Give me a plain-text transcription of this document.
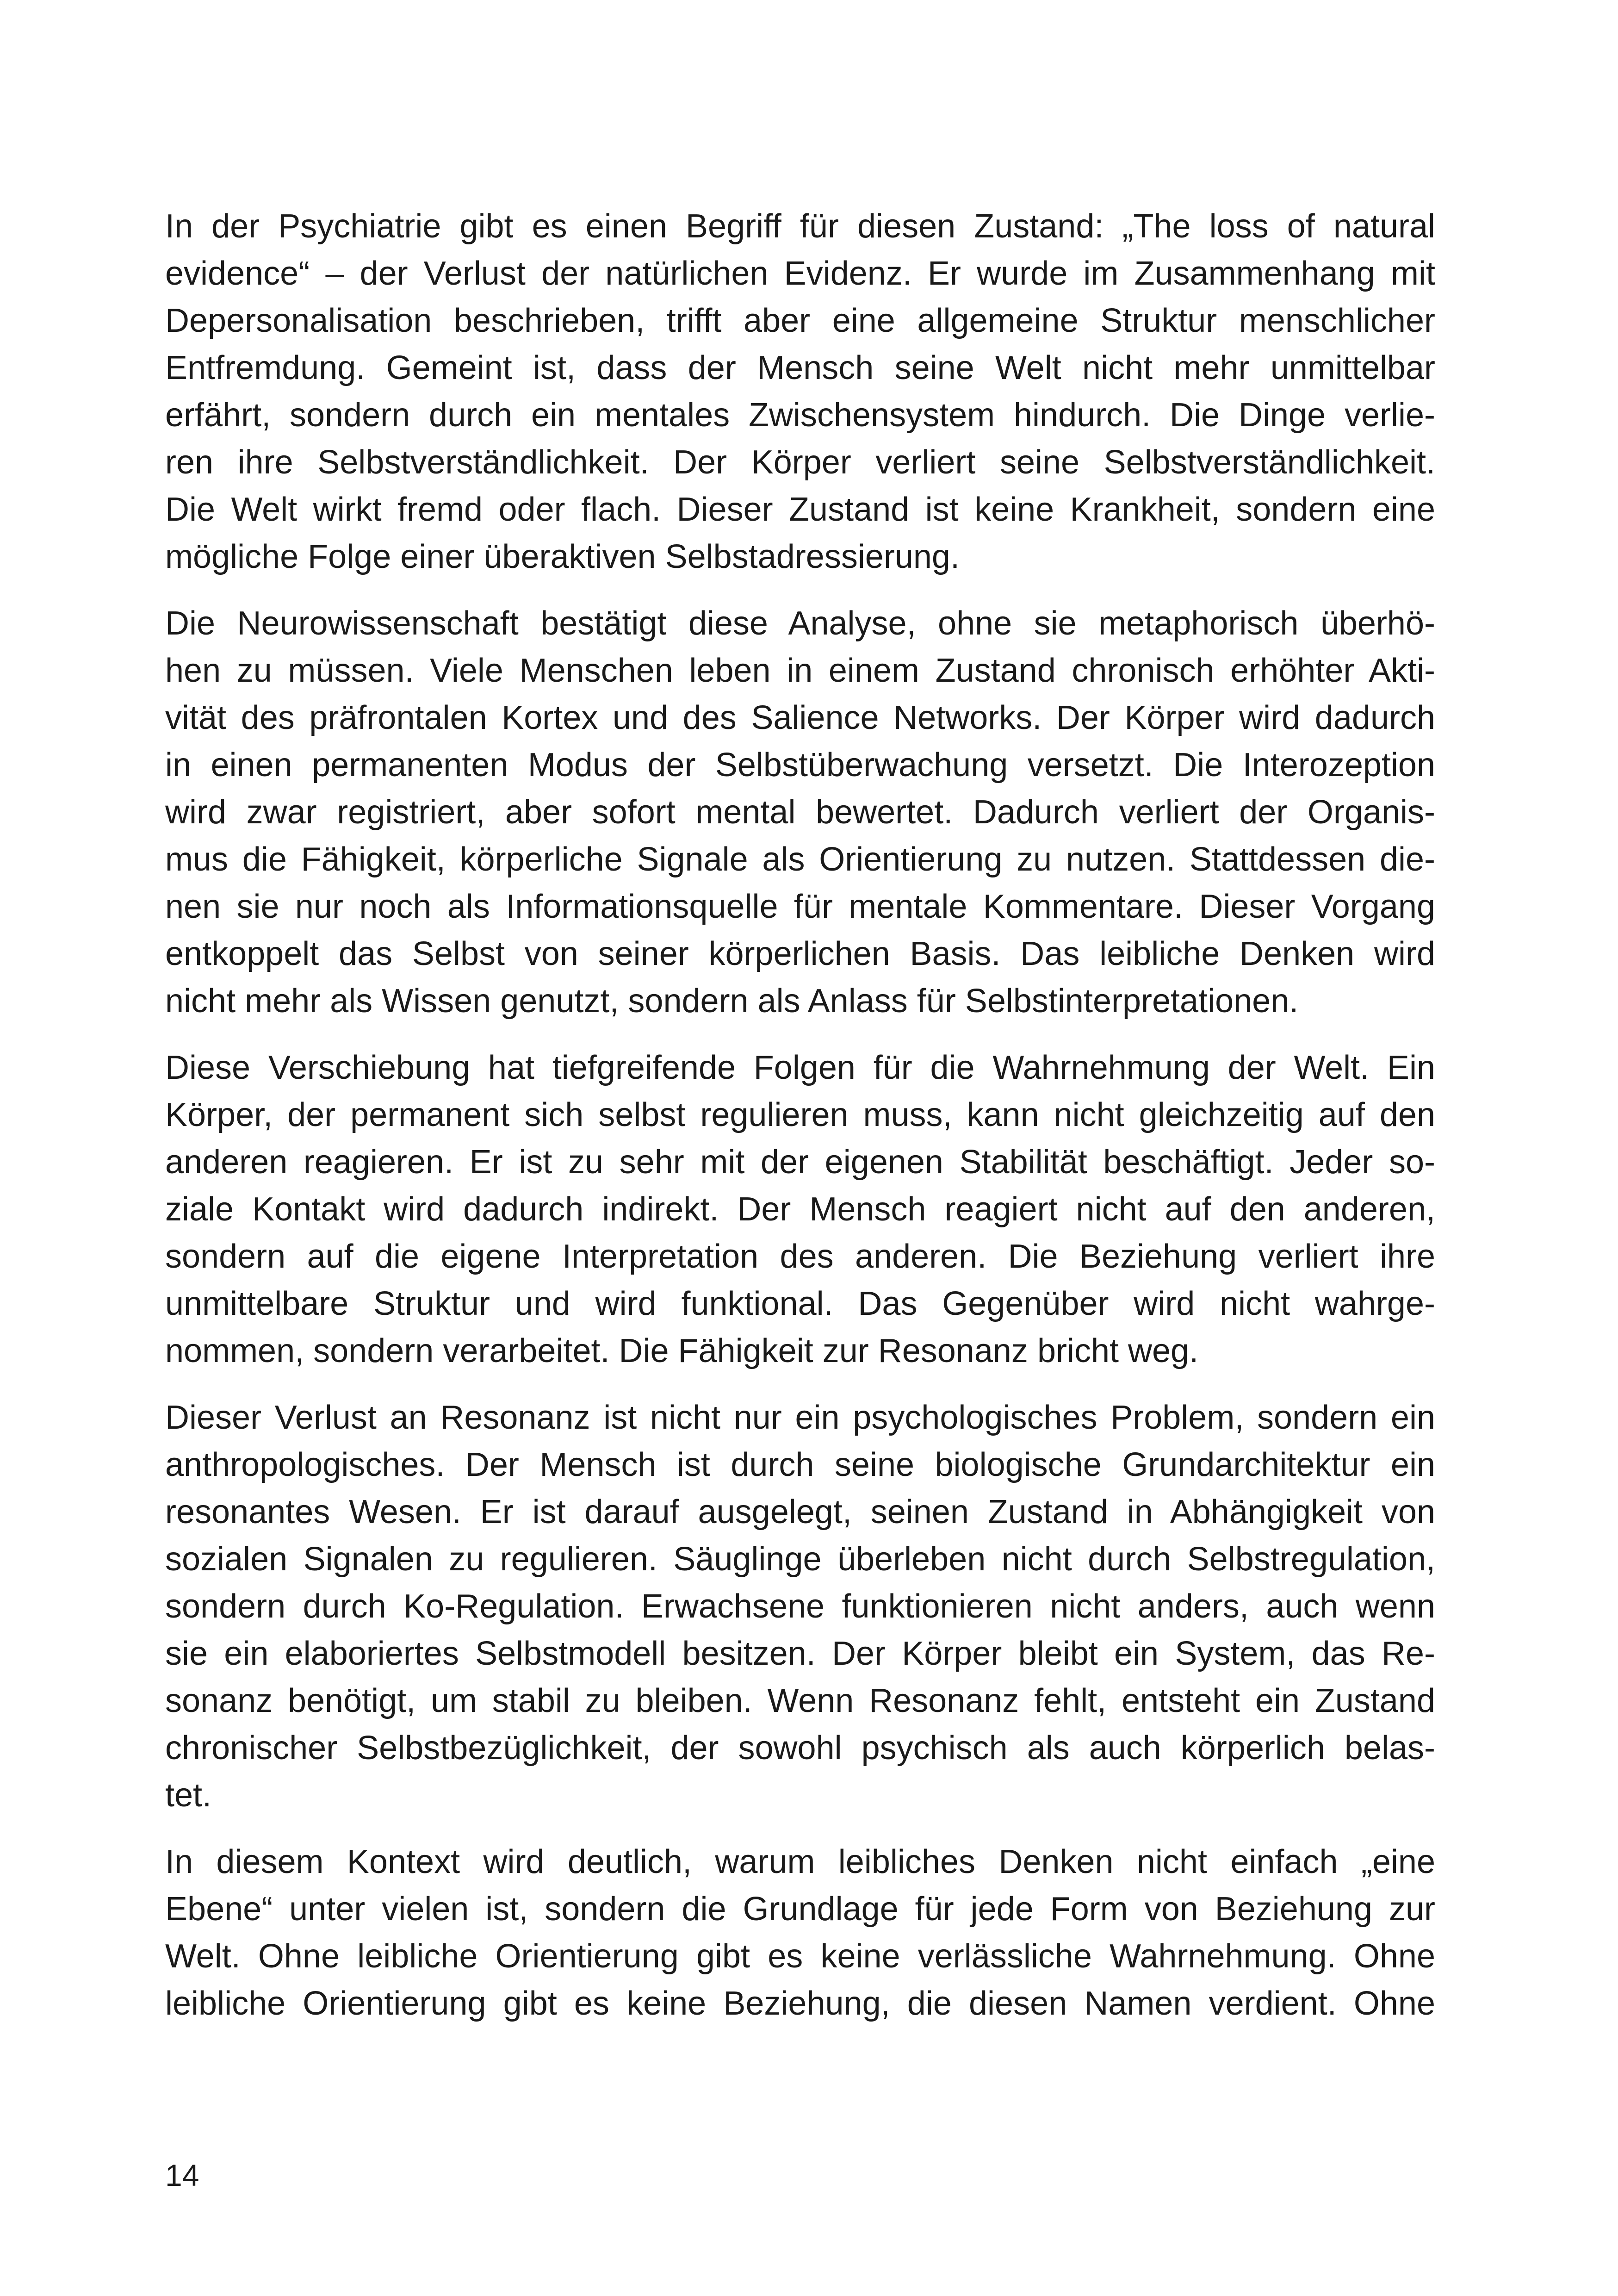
In der Psychiatrie gibt es einen Begriff für diesen Zustand: „The loss of natural
evidence“ – der Verlust der natürlichen Evidenz. Er wurde im Zusammenhang mit
Depersonalisation beschrieben, trifft aber eine allgemeine Struktur menschlicher
Entfremdung. Gemeint ist, dass der Mensch seine Welt nicht mehr unmittelbar
erfährt, sondern durch ein mentales Zwischensystem hindurch. Die Dinge verlie-
ren ihre Selbstverständlichkeit. Der Körper verliert seine Selbstverständlichkeit.
Die Welt wirkt fremd oder flach. Dieser Zustand ist keine Krankheit, sondern eine
mögliche Folge einer überaktiven Selbstadressierung.

Die Neurowissenschaft bestätigt diese Analyse, ohne sie metaphorisch überhö-
hen zu müssen. Viele Menschen leben in einem Zustand chronisch erhöhter Akti-
vität des präfrontalen Kortex und des Salience Networks. Der Körper wird dadurch
in einen permanenten Modus der Selbstüberwachung versetzt. Die Interozeption
wird zwar registriert, aber sofort mental bewertet. Dadurch verliert der Organis-
mus die Fähigkeit, körperliche Signale als Orientierung zu nutzen. Stattdessen die-
nen sie nur noch als Informationsquelle für mentale Kommentare. Dieser Vorgang
entkoppelt das Selbst von seiner körperlichen Basis. Das leibliche Denken wird
nicht mehr als Wissen genutzt, sondern als Anlass für Selbstinterpretationen.

Diese Verschiebung hat tiefgreifende Folgen für die Wahrnehmung der Welt. Ein
Körper, der permanent sich selbst regulieren muss, kann nicht gleichzeitig auf den
anderen reagieren. Er ist zu sehr mit der eigenen Stabilität beschäftigt. Jeder so-
ziale Kontakt wird dadurch indirekt. Der Mensch reagiert nicht auf den anderen,
sondern auf die eigene Interpretation des anderen. Die Beziehung verliert ihre
unmittelbare Struktur und wird funktional. Das Gegenüber wird nicht wahrge-
nommen, sondern verarbeitet. Die Fähigkeit zur Resonanz bricht weg.

Dieser Verlust an Resonanz ist nicht nur ein psychologisches Problem, sondern ein
anthropologisches. Der Mensch ist durch seine biologische Grundarchitektur ein
resonantes Wesen. Er ist darauf ausgelegt, seinen Zustand in Abhängigkeit von
sozialen Signalen zu regulieren. Säuglinge überleben nicht durch Selbstregulation,
sondern durch Ko-Regulation. Erwachsene funktionieren nicht anders, auch wenn
sie ein elaboriertes Selbstmodell besitzen. Der Körper bleibt ein System, das Re-
sonanz benötigt, um stabil zu bleiben. Wenn Resonanz fehlt, entsteht ein Zustand
chronischer Selbstbezüglichkeit, der sowohl psychisch als auch körperlich belas-
tet.

In diesem Kontext wird deutlich, warum leibliches Denken nicht einfach „eine
Ebene“ unter vielen ist, sondern die Grundlage für jede Form von Beziehung zur
Welt. Ohne leibliche Orientierung gibt es keine verlässliche Wahrnehmung. Ohne
leibliche Orientierung gibt es keine Beziehung, die diesen Namen verdient. Ohne

14
